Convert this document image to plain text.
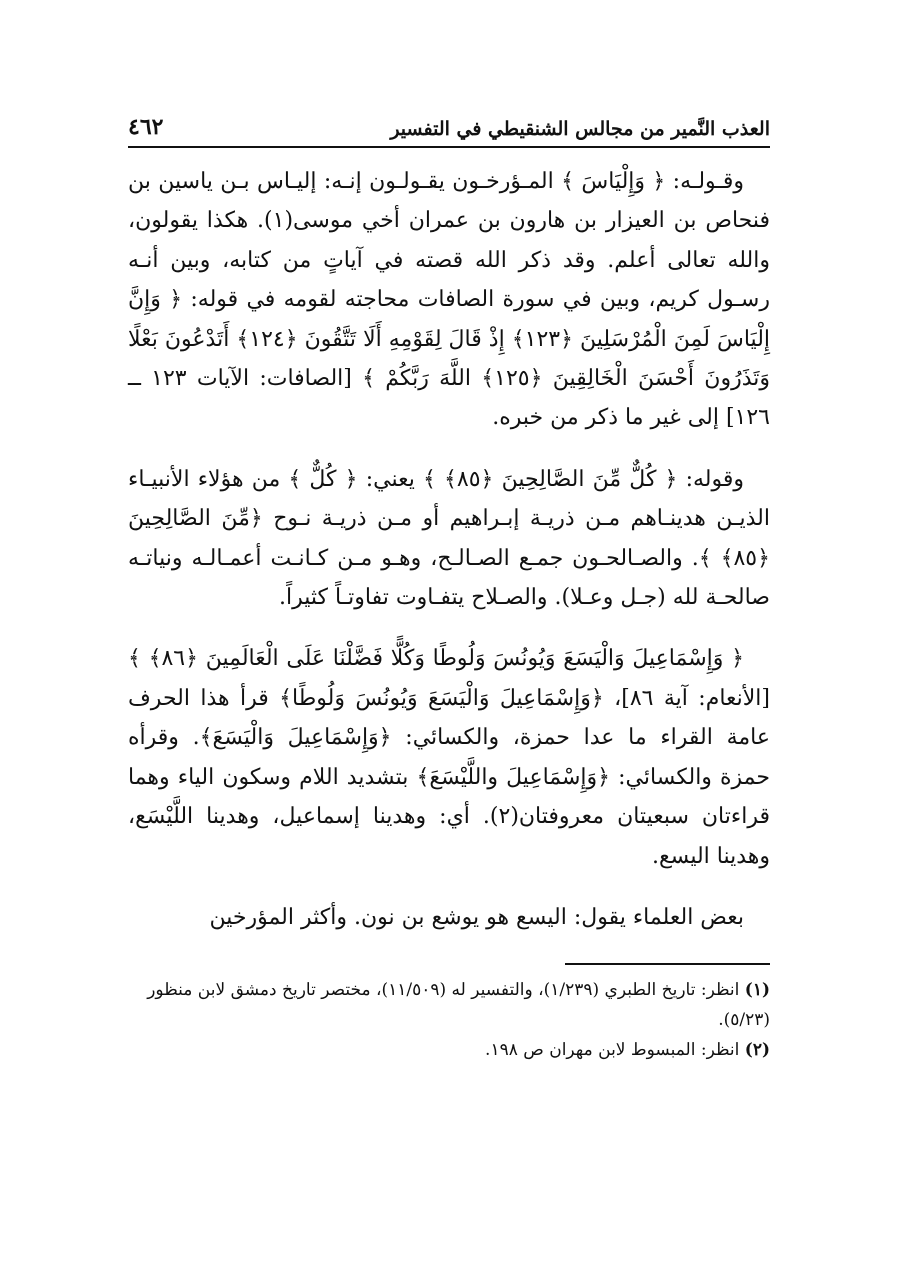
العذب النَّمير من مجالس الشنقيطي في التفسير
٤٦٢

وقـولـه: ﴿ وَإِلْيَاسَ ﴾ المـؤرخـون يقـولـون إنـه: إليـاس بـن ياسين بن فنحاص بن العيزار بن هارون بن عمران أخي موسى(١). هكذا يقولون، والله تعالى أعلم. وقد ذكر الله قصته في آياتٍ من كتابه، وبين أنـه رسـول كريم، وبين في سورة الصافات محاجته لقومه في قوله: ﴿ وَإِنَّ إِلْيَاسَ لَمِنَ الْمُرْسَلِينَ ﴿١٢٣﴾ إِذْ قَالَ لِقَوْمِهِ أَلَا تَتَّقُونَ ﴿١٢٤﴾ أَتَدْعُونَ بَعْلًا وَتَذَرُونَ أَحْسَنَ الْخَالِقِينَ ﴿١٢٥﴾ اللَّهَ رَبَّكُمْ ﴾ [الصافات: الآيات ١٢٣ ــ ١٢٦] إلى غير ما ذكر من خبره.

وقوله: ﴿ كُلٌّ مِّنَ الصَّالِحِينَ ﴿٨٥﴾ ﴾ يعني: ﴿ كُلٌّ ﴾ من هؤلاء الأنبيـاء الذيـن هدينـاهم مـن ذريـة إبـراهيم أو مـن ذريـة نـوح ﴿مِّنَ الصَّالِحِينَ ﴿٨٥﴾ ﴾. والصـالحـون جمـع الصـالـح، وهـو مـن كـانـت أعمـالـه ونياتـه صالحـة لله (جـل وعـلا). والصـلاح يتفـاوت تفاوتـاً كثيراً.

﴿ وَإِسْمَاعِيلَ وَالْيَسَعَ وَيُونُسَ وَلُوطًا وَكُلًّا فَضَّلْنَا عَلَى الْعَالَمِينَ ﴿٨٦﴾ ﴾ [الأنعام: آية ٨٦]، ﴿وَإِسْمَاعِيلَ وَالْيَسَعَ وَيُونُسَ وَلُوطًا﴾ قرأ هذا الحرف عامة القراء ما عدا حمزة، والكسائي: ﴿وَإِسْمَاعِيلَ وَالْيَسَعَ﴾. وقرأه حمزة والكسائي: ﴿وَإِسْمَاعِيلَ واللَّيْسَعَ﴾ بتشديد اللام وسكون الياء وهما قراءتان سبعيتان معروفتان(٢). أي: وهدينا إسماعيل، وهدينا اللَّيْسَع، وهدينا اليسع.

بعض العلماء يقول: اليسع هو يوشع بن نون. وأكثر المؤرخين

(١) انظر: تاريخ الطبري (١/٢٣٩)، والتفسير له (١١/٥٠٩)، مختصر تاريخ دمشق لابن منظور (٥/٢٣).

(٢) انظر: المبسوط لابن مهران ص ١٩٨.
